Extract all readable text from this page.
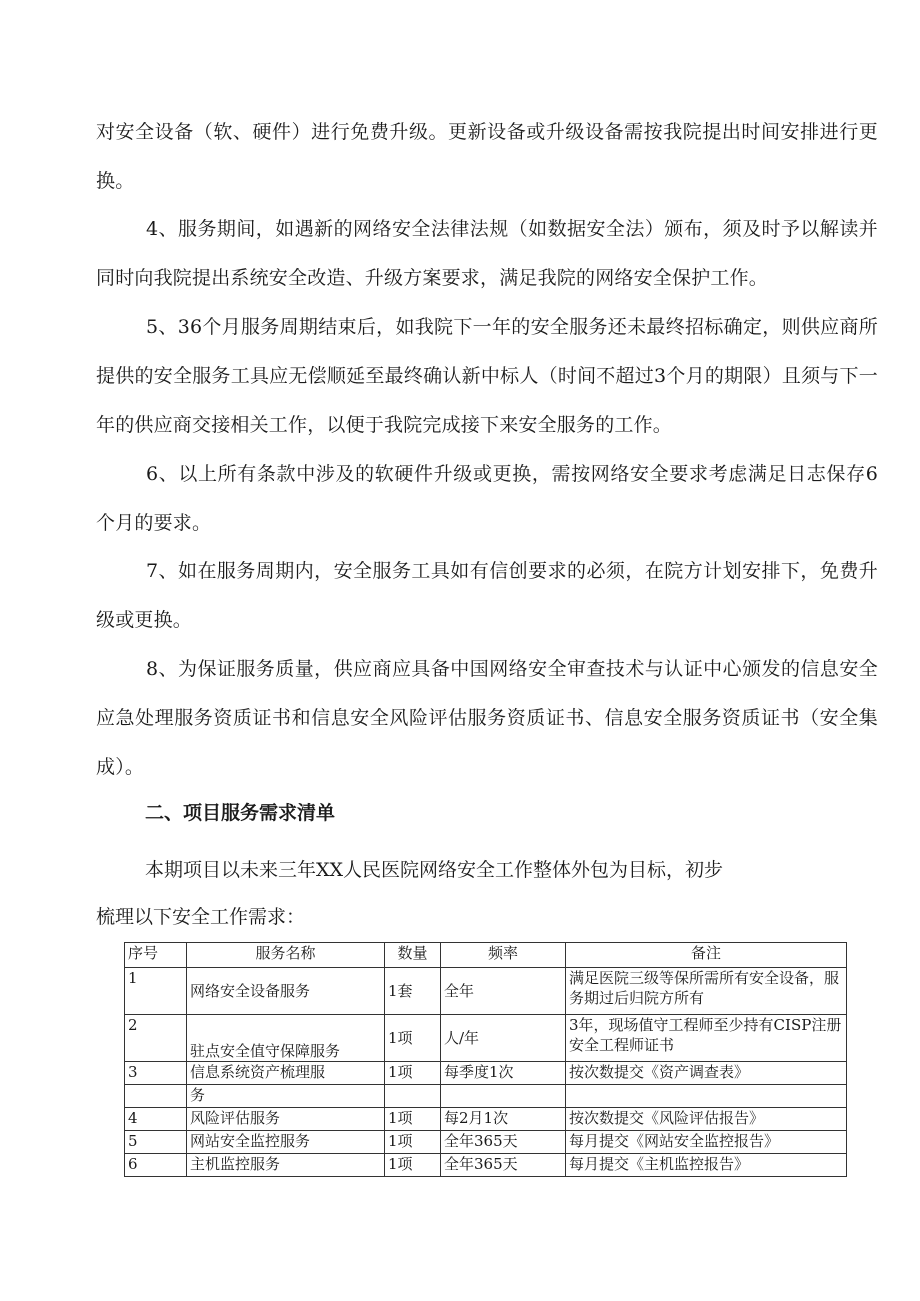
对安全设备（软、硬件）进行免费升级。更新设备或升级设备需按我院提出时间安排进行更换。
4、服务期间，如遇新的网络安全法律法规（如数据安全法）颁布，须及时予以解读并同时向我院提出系统安全改造、升级方案要求，满足我院的网络安全保护工作。
5、36个月服务周期结束后，如我院下一年的安全服务还未最终招标确定，则供应商所提供的安全服务工具应无偿顺延至最终确认新中标人（时间不超过3个月的期限）且须与下一年的供应商交接相关工作，以便于我院完成接下来安全服务的工作。
6、以上所有条款中涉及的软硬件升级或更换，需按网络安全要求考虑满足日志保存6个月的要求。
7、如在服务周期内，安全服务工具如有信创要求的必须，在院方计划安排下，免费升级或更换。
8、为保证服务质量，供应商应具备中国网络安全审查技术与认证中心颁发的信息安全应急处理服务资质证书和信息安全风险评估服务资质证书、信息安全服务资质证书（安全集成）。
二、项目服务需求清单
本期项目以未来三年XX人民医院网络安全工作整体外包为目标，初步
梳理以下安全工作需求：
序号	服务名称	数量	频率	备注
1	网络安全设备服务	1套	全年	满足医院三级等保所需所有安全设备，服务期过后归院方所有
2	驻点安全值守保障服务	1项	人/年	3年，现场值守工程师至少持有CISP注册安全工程师证书
3	信息系统资产梳理服	1项	每季度1次	按次数提交《资产调查表》
	务			
4	风险评估服务	1项	每2月1次	按次数提交《风险评估报告》
5	网站安全监控服务	1项	全年365天	每月提交《网站安全监控报告》
6	主机监控服务	1项	全年365天	每月提交《主机监控报告》
